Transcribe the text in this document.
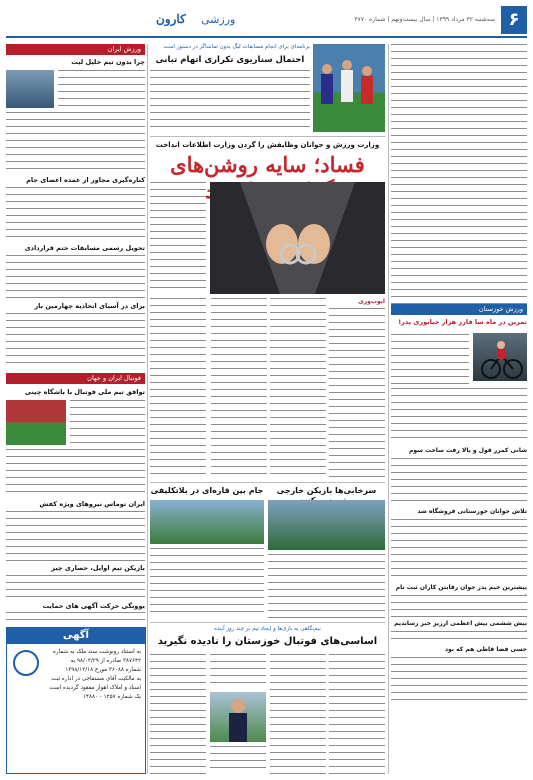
۶
سه‌شنبه ۳۲ مرداد ۱۳۹۹ | سال بیست‌ونهم | شماره ۳۷۷۰
ورزشی
کارون
ورزش خوزستان
تمرین در ماه سا فارز هزار خیابوری پدر!
شانی کمرر قول و بالا رفت ساخت سوم
تلاش جوانان خوزستانی فروشگاه شد
بیشترین خیم پدر جوان رقابتن کاران ثبت نام
بیش ششمی بیش اعظمی ارزیز خبر رساندیم
حسی فضا قاطی هم که بود
برنامه‌ای برای انجام مسابقات لیگ بدون تماشاگر در دستور است
احتمال سناریوی تکراری اتهام تبانی
وزارت ورزش و جوانان وظایفش را گردن وزارت اطلاعات انداخت
فساد؛ سایه روشن‌های
ایوب‌وری
سرخابی‌ها بازیکن خارجی
جام بین قاره‌ای در بلاتکلیفی
نیم‌نگاهی به بازی‌ها و ایجاد تیم بر چند روز آینده
اساسی‌های فوتبال خوزستان را نادیده نگیرید
ورزش ایران
چرا بدون تیم خلیل لیت
کناره‌گیری مجاور از عمده اعضای جام
تحویل رسمی مسابقات ختم قراردادی
برای در آسیای اتحادیه چهارمین بار
فوتبال ایران و جهان
توافق تیم ملی فوتبال با باشگاه چینی
ایران توماس نیروهای ویژه کفش
بازیکن تیم اوایل، حصاری چیز
یوونگی حرکت آگهی های حمایت
آگهی
به استناد رونوشت سند ملک به شماره
۳۸۷۶۴۲ صادره از ۹۸/۰۳/۲۹ به
شماره ۳۶۰۸۸ مورخ ۱۳۹۸/۱۲/۱۸
به مالکیت آقای مستفاجی در اداره ثبت
اسناد و املاک اهواز مفقود گردیده است
یک شماره ۱۲۵۷ - ۱۴۸۸۰
